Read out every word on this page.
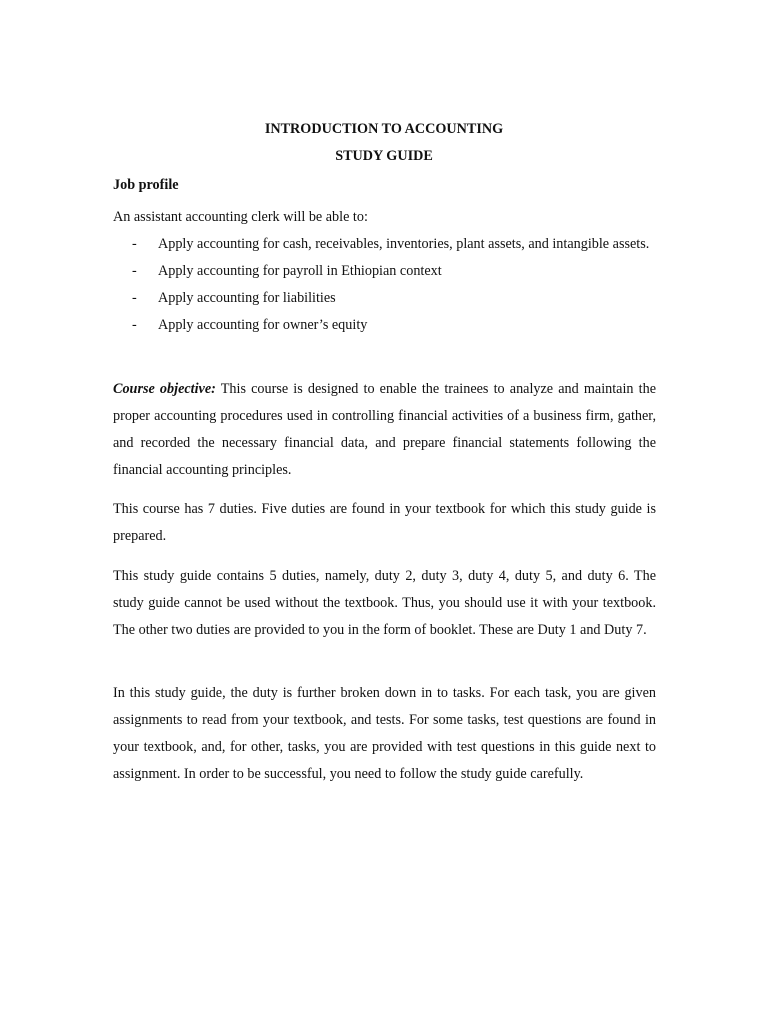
INTRODUCTION TO ACCOUNTING
STUDY GUIDE
Job profile
An assistant accounting clerk will be able to:
-	Apply accounting for cash, receivables, inventories, plant assets, and intangible assets.
-	Apply accounting for payroll in Ethiopian context
-	Apply accounting for liabilities
-	Apply accounting for owner’s equity

Course objective: This course is designed to enable the trainees to analyze and maintain the proper accounting procedures used in controlling financial activities of a business firm, gather, and recorded the necessary financial data, and prepare financial statements following the financial accounting principles.

This course has 7 duties. Five duties are found in your textbook for which this study guide is prepared.

This study guide contains 5 duties, namely, duty 2, duty 3, duty 4, duty 5, and duty 6. The study guide cannot be used without the textbook. Thus, you should use it with your textbook. The other two duties are provided to you in the form of booklet. These are Duty 1 and Duty 7.

In this study guide, the duty is further broken down in to tasks. For each task, you are given assignments to read from your textbook, and tests. For some tasks, test questions are found in your textbook, and, for other, tasks, you are provided with test questions in this guide next to assignment. In order to be successful, you need to follow the study guide carefully.
